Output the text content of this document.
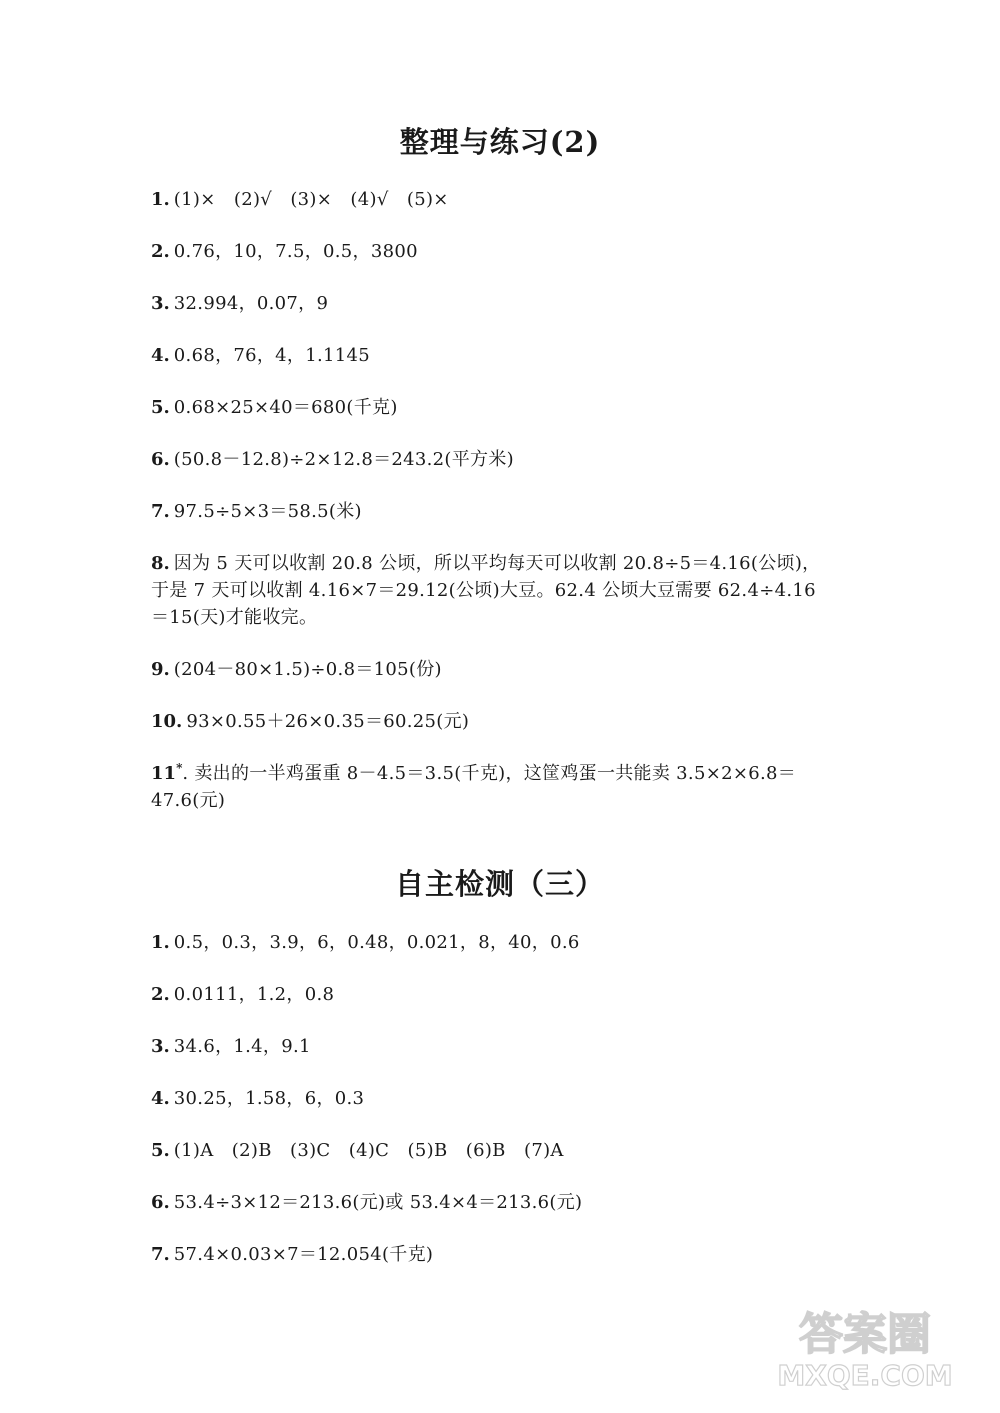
整理与练习(2)
1. (1)×　(2)√　(3)×　(4)√　(5)×
2. 0.76，10，7.5，0.5，3800
3. 32.994，0.07，9
4. 0.68，76，4，1.1145
5. 0.68×25×40＝680(千克)
6. (50.8－12.8)÷2×12.8＝243.2(平方米)
7. 97.5÷5×3＝58.5(米)
8. 因为 5 天可以收割 20.8 公顷，所以平均每天可以收割 20.8÷5＝4.16(公顷)，
于是 7 天可以收割 4.16×7＝29.12(公顷)大豆。62.4 公顷大豆需要 62.4÷4.16
＝15(天)才能收完。
9. (204－80×1.5)÷0.8＝105(份)
10. 93×0.55＋26×0.35＝60.25(元)
11*. 卖出的一半鸡蛋重 8－4.5＝3.5(千克)，这筐鸡蛋一共能卖 3.5×2×6.8＝
47.6(元)
自主检测（三）
1. 0.5，0.3，3.9，6，0.48，0.021，8，40，0.6
2. 0.0111，1.2，0.8
3. 34.6，1.4，9.1
4. 30.25，1.58，6，0.3
5. (1)A　(2)B　(3)C　(4)C　(5)B　(6)B　(7)A
6. 53.4÷3×12＝213.6(元)或 53.4×4＝213.6(元)
7. 57.4×0.03×7＝12.054(千克)
答案圈
MXQE.COM
